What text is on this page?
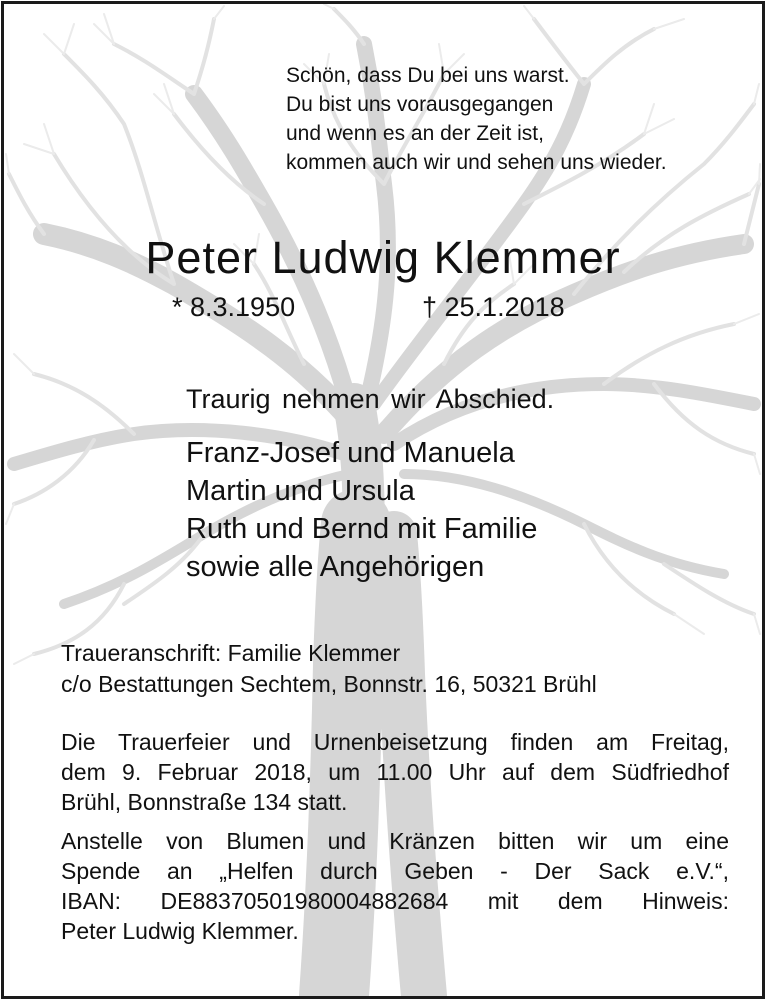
Schön, dass Du bei uns warst.
Du bist uns vorausgegangen
und wenn es an der Zeit ist,
kommen auch wir und sehen uns wieder.
Peter Ludwig Klemmer
* 8.3.1950	† 25.1.2018
Traurig nehmen wir Abschied.
Franz-Josef und Manuela
Martin und Ursula
Ruth und Bernd mit Familie
sowie alle Angehörigen
Traueranschrift: Familie Klemmer
c/o Bestattungen Sechtem, Bonnstr. 16, 50321 Brühl
Die Trauerfeier und Urnenbeisetzung finden am Freitag,
dem 9. Februar 2018, um 11.00 Uhr auf dem Südfriedhof
Brühl, Bonnstraße 134 statt.
Anstelle von Blumen und Kränzen bitten wir um eine
Spende an „Helfen durch Geben - Der Sack e.V.“,
IBAN: DE88370501980004882684 mit dem Hinweis:
Peter Ludwig Klemmer.
